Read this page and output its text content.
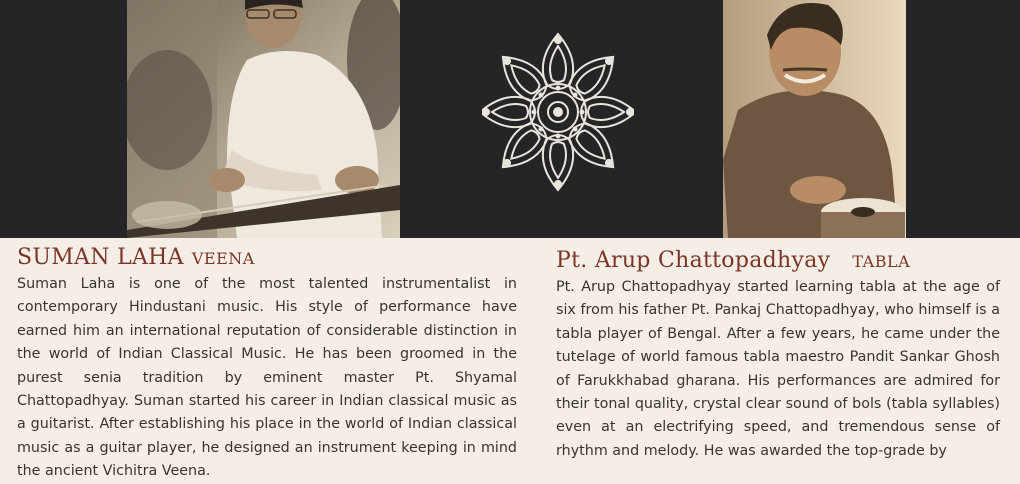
SUMAN LAHA VEENA
Suman Laha is one of the most talented instrumentalist in contemporary Hindustani music. His style of performance have earned him an international reputation of considerable distinction in the world of Indian Classical Music. He has been groomed in the purest senia tradition by eminent master Pt. Shyamal Chattopadhyay. Suman started his career in Indian classical music as a guitarist. After establishing his place in the world of Indian classical music as a guitar player, he designed an instrument keeping in mind the ancient Vichitra Veena.
Pt. Arup Chattopadhyay TABLA
Pt. Arup Chattopadhyay started learning tabla at the age of six from his father Pt. Pankaj Chattopadhyay, who himself is a tabla player of Bengal. After a few years, he came under the tutelage of world famous tabla maestro Pandit Sankar Ghosh of Farukkhabad gharana. His performances are admired for their tonal quality, crystal clear sound of bols (tabla syllables) even at an electrifying speed, and tremendous sense of rhythm and melody. He was awarded the top-grade by
